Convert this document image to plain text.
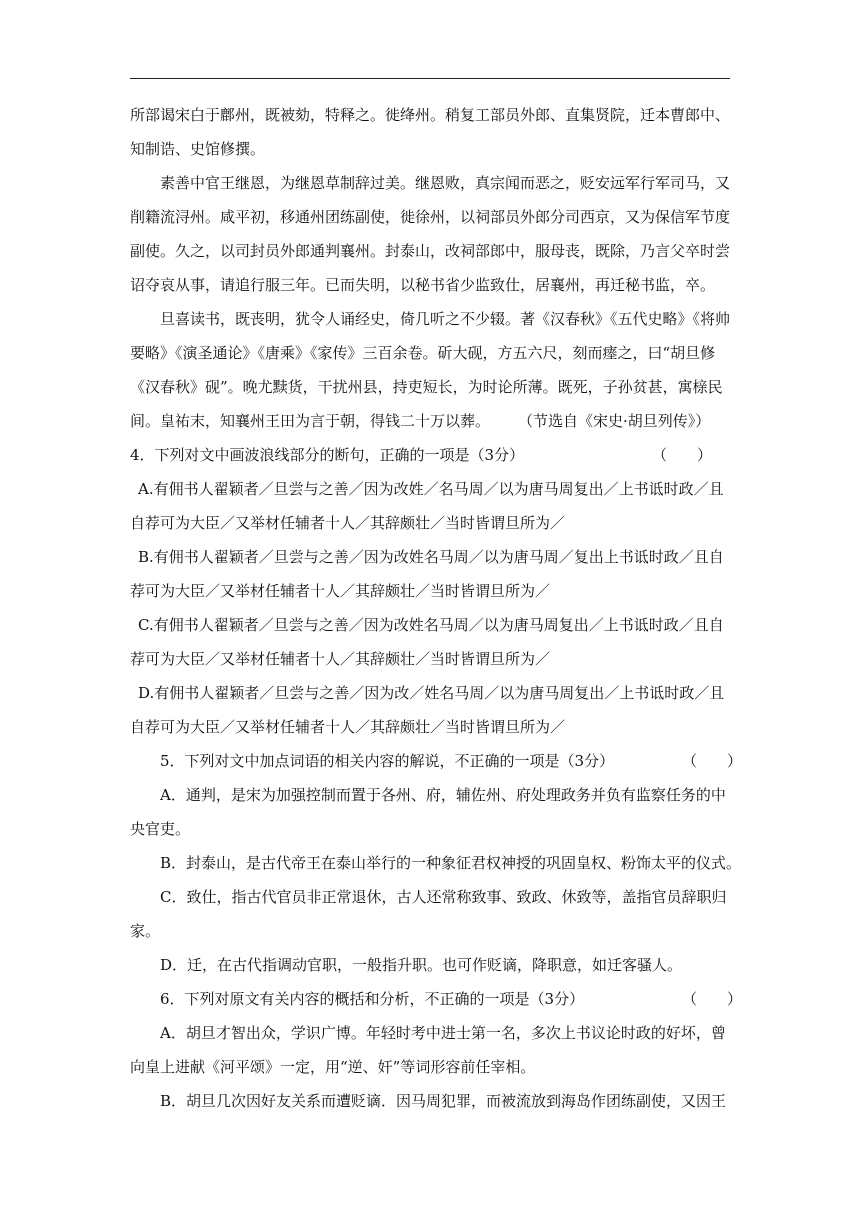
所部谒宋白于鄜州，既被劾，特释之。徙绛州。稍复工部员外郎、直集贤院，迁本曹郎中、
知制诰、史馆修撰。
素善中官王继恩，为继恩草制辞过美。继恩败，真宗闻而恶之，贬安远军行军司马，又
削籍流浔州。咸平初，移通州团练副使，徙徐州，以祠部员外郎分司西京，又为保信军节度
副使。久之，以司封员外郎通判襄州。封泰山，改祠部郎中，服母丧，既除，乃言父卒时尝
诏夺哀从事，请追行服三年。已而失明，以秘书省少监致仕，居襄州，再迁秘书监，卒。
旦喜读书，既丧明，犹令人诵经史，倚几听之不少辍。著《汉春秋》《五代史略》《将帅
要略》《演圣通论》《唐乘》《家传》三百余卷。斫大砚，方五六尺，刻而瘗之，曰“胡旦修
《汉春秋》砚”。晚尤黩货，干扰州县，持吏短长，为时论所薄。既死，子孙贫甚，寓榇民
间。皇祐末，知襄州王田为言于朝，得钱二十万以葬。 （节选自《宋史·胡旦列传》）
4．下列对文中画波浪线部分的断句，正确的一项是（3分）	（　　）
A.有佣书人翟颖者／旦尝与之善／因为改姓／名马周／以为唐马周复出／上书诋时政／且
自荐可为大臣／又举材任辅者十人／其辞颇壮／当时皆谓旦所为／
B.有佣书人翟颖者／旦尝与之善／因为改姓名马周／以为唐马周／复出上书诋时政／且自
荐可为大臣／又举材任辅者十人／其辞颇壮／当时皆谓旦所为／
C.有佣书人翟颖者／旦尝与之善／因为改姓名马周／以为唐马周复出／上书诋时政／且自
荐可为大臣／又举材任辅者十人／其辞颇壮／当时皆谓旦所为／
D.有佣书人翟颖者／旦尝与之善／因为改／姓名马周／以为唐马周复出／上书诋时政／且
自荐可为大臣／又举材任辅者十人／其辞颇壮／当时皆谓旦所为／
5．下列对文中加点词语的相关内容的解说，不正确的一项是（3分）	（　　）
A．通判，是宋为加强控制而置于各州、府，辅佐州、府处理政务并负有监察任务的中
央官吏。
B．封泰山，是古代帝王在泰山举行的一种象征君权神授的巩固皇权、粉饰太平的仪式。
C．致仕，指古代官员非正常退休，古人还常称致事、致政、休致等，盖指官员辞职归
家。
D．迁，在古代指调动官职，一般指升职。也可作贬谪，降职意，如迁客骚人。
6．下列对原文有关内容的概括和分析，不正确的一项是（3分）	（　　）
A．胡旦才智出众，学识广博。年轻时考中进士第一名，多次上书议论时政的好坏，曾
向皇上进献《河平颂》一定，用“逆、奸”等词形容前任宰相。
B．胡旦几次因好友关系而遭贬谪．因马周犯罪，而被流放到海岛作团练副使，又因王
